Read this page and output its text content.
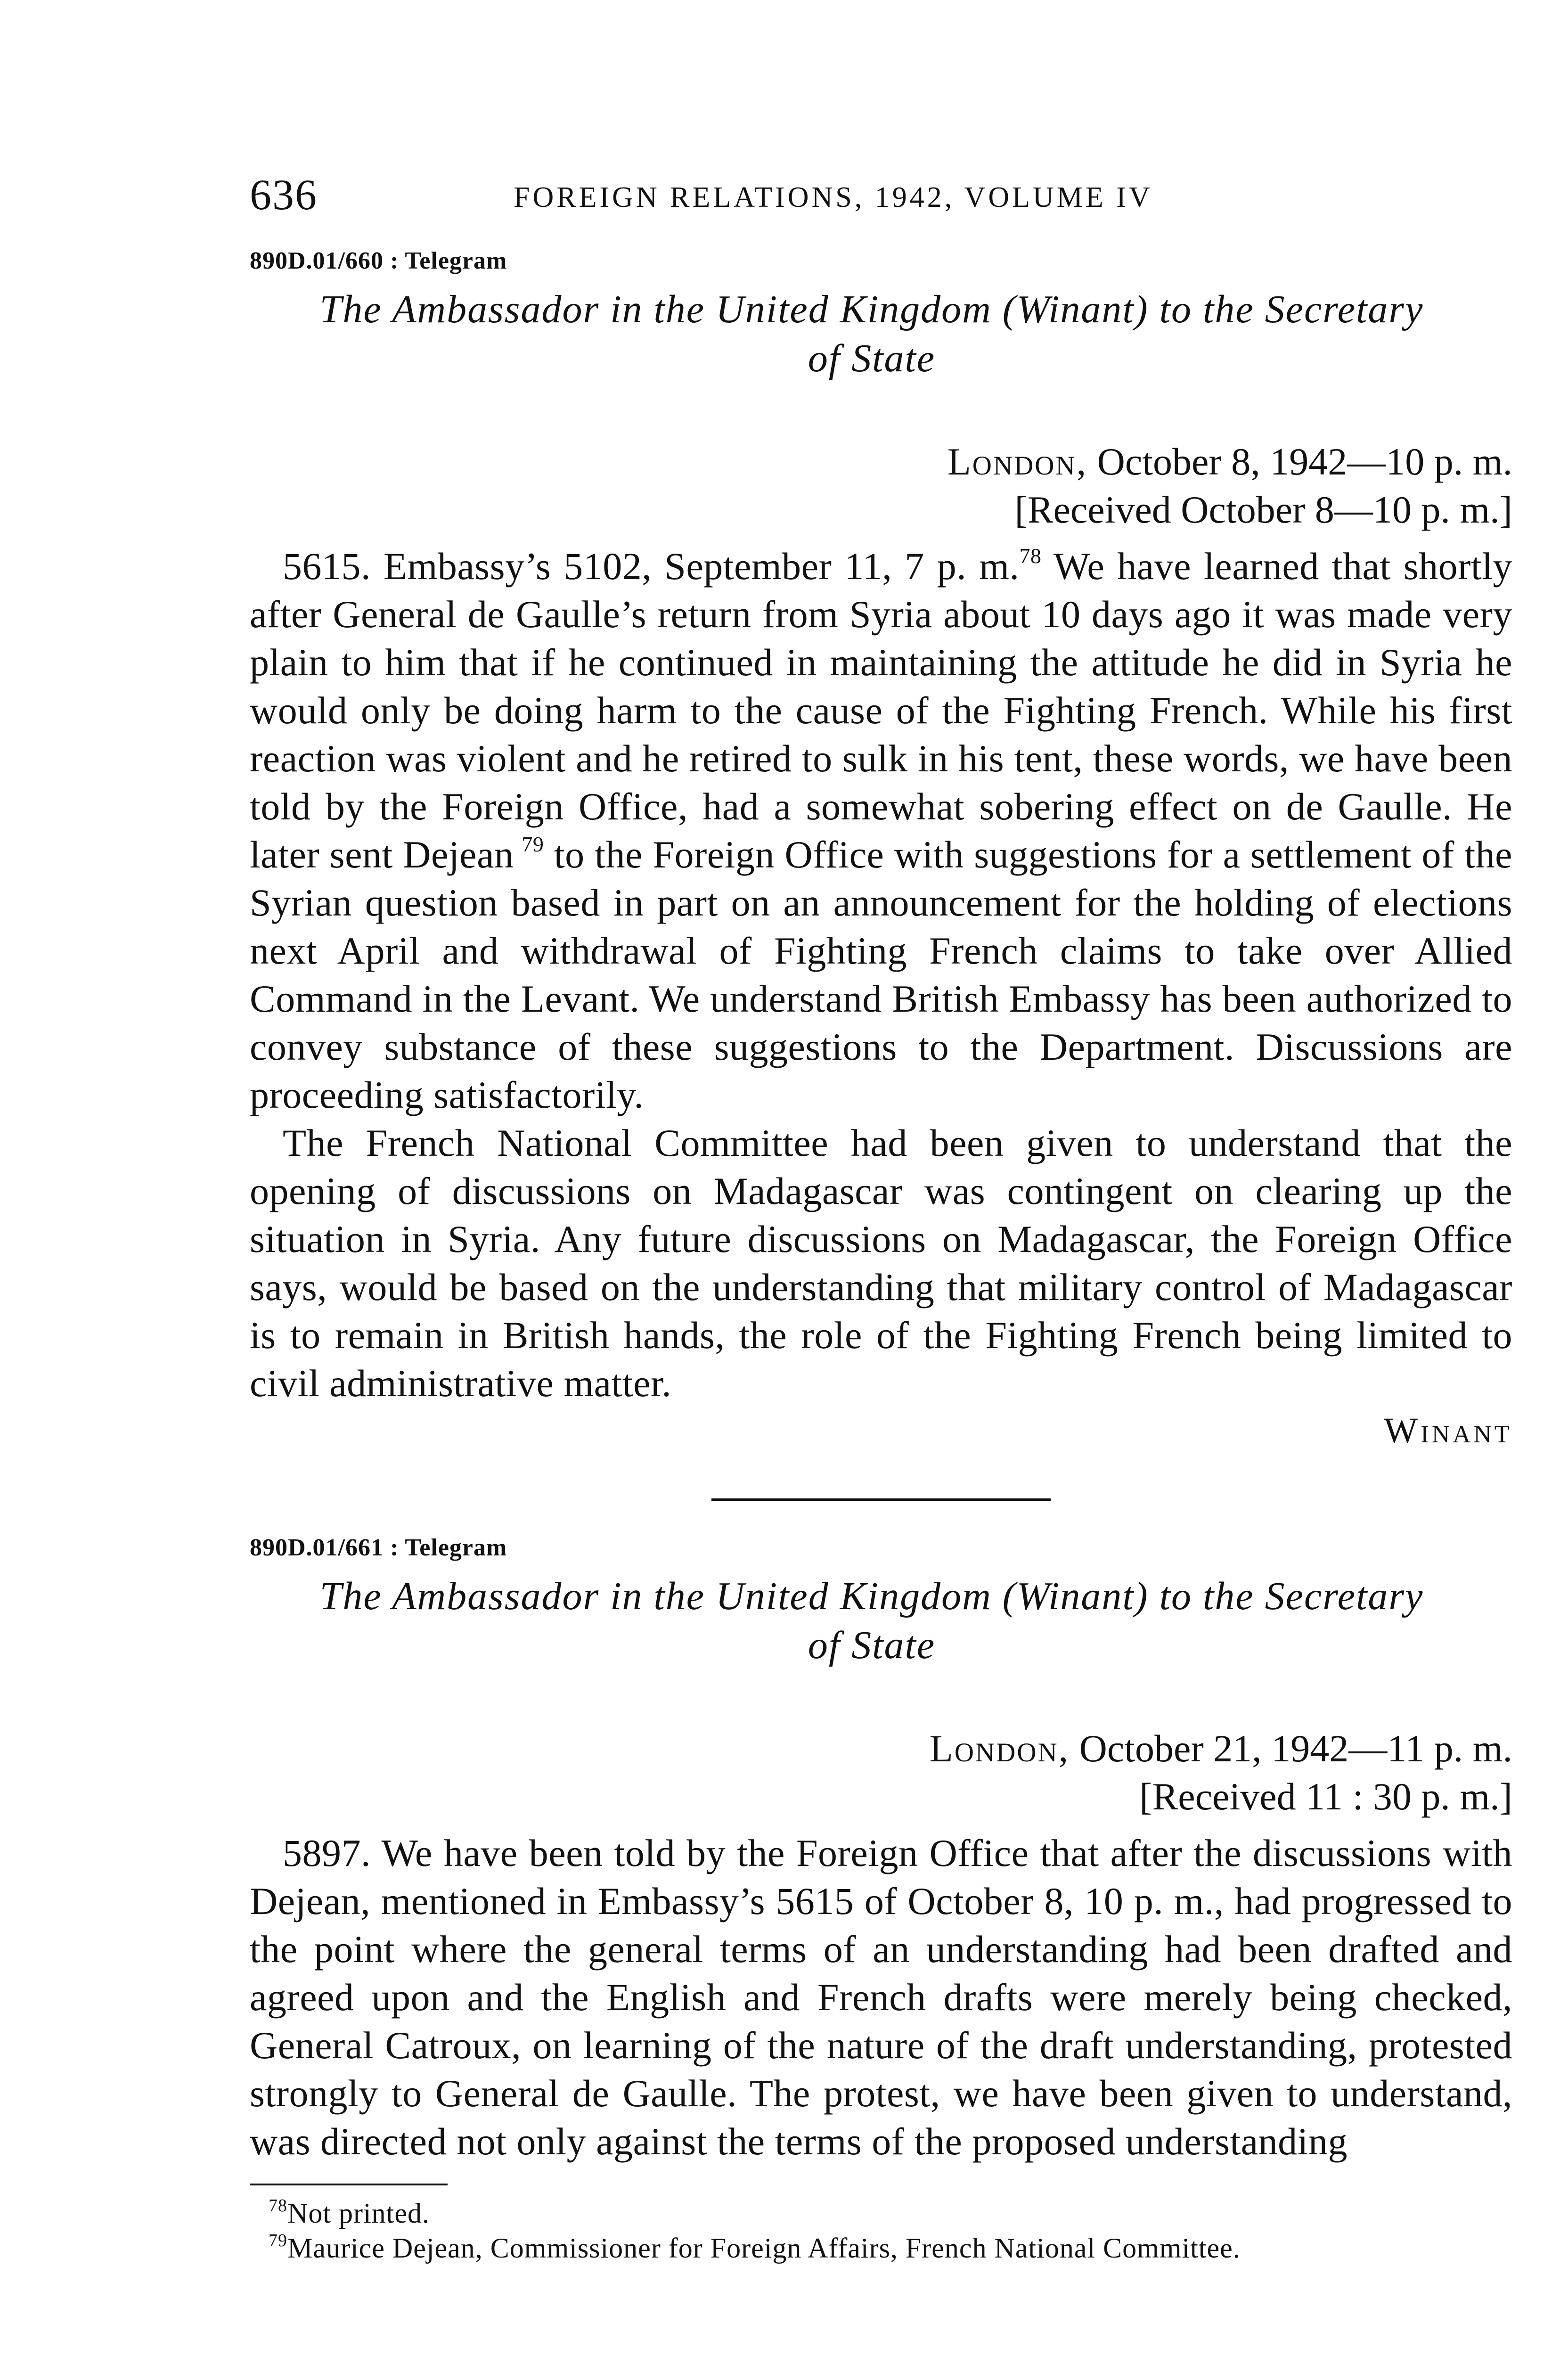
636	FOREIGN RELATIONS, 1942, VOLUME IV
890D.01/660 : Telegram
The Ambassador in the United Kingdom (Winant) to the Secretary
of State
London, October 8, 1942—10 p. m.
[Received October 8—10 p. m.]

5615. Embassy’s 5102, September 11, 7 p. m.$^{78}$ We have learned that shortly after General de Gaulle’s return from Syria about 10 days ago it was made very plain to him that if he continued in maintaining the attitude he did in Syria he would only be doing harm to the cause of the Fighting French. While his first reaction was violent and he retired to sulk in his tent, these words, we have been told by the Foreign Office, had a somewhat sobering effect on de Gaulle. He later sent Dejean  $^{79}$ to the Foreign Office with suggestions for a settlement of the Syrian question based in part on an announcement for the holding of elections next April and withdrawal of Fighting French claims to take over Allied Command in the Levant. We understand British Embassy has been authorized to convey substance of these suggestions to the Department. Discussions are proceeding satisfactorily.

The French National Committee had been given to understand that the opening of discussions on Madagascar was contingent on clearing up the situation in Syria. Any future discussions on Madagascar, the Foreign Office says, would be based on the understanding that military control of Madagascar is to remain in British hands, the role of the Fighting French being limited to civil administrative matter.

Winant
890D.01/661 : Telegram
The Ambassador in the United Kingdom (Winant) to the Secretary
of State
London, October 21, 1942—11 p. m.
[Received 11 : 30 p. m.]

5897. We have been told by the Foreign Office that after the discussions with Dejean, mentioned in Embassy’s 5615 of October 8, 10 p. m., had progressed to the point where the general terms of an understanding had been drafted and agreed upon and the English and French drafts were merely being checked, General Catroux, on learning of the nature of the draft understanding, protested strongly to General de Gaulle. The protest, we have been given to understand, was directed not only against the terms of the proposed understanding

$^{78}$Not printed.

$^{79}$Maurice Dejean, Commissioner for Foreign Affairs, French National Committee.
